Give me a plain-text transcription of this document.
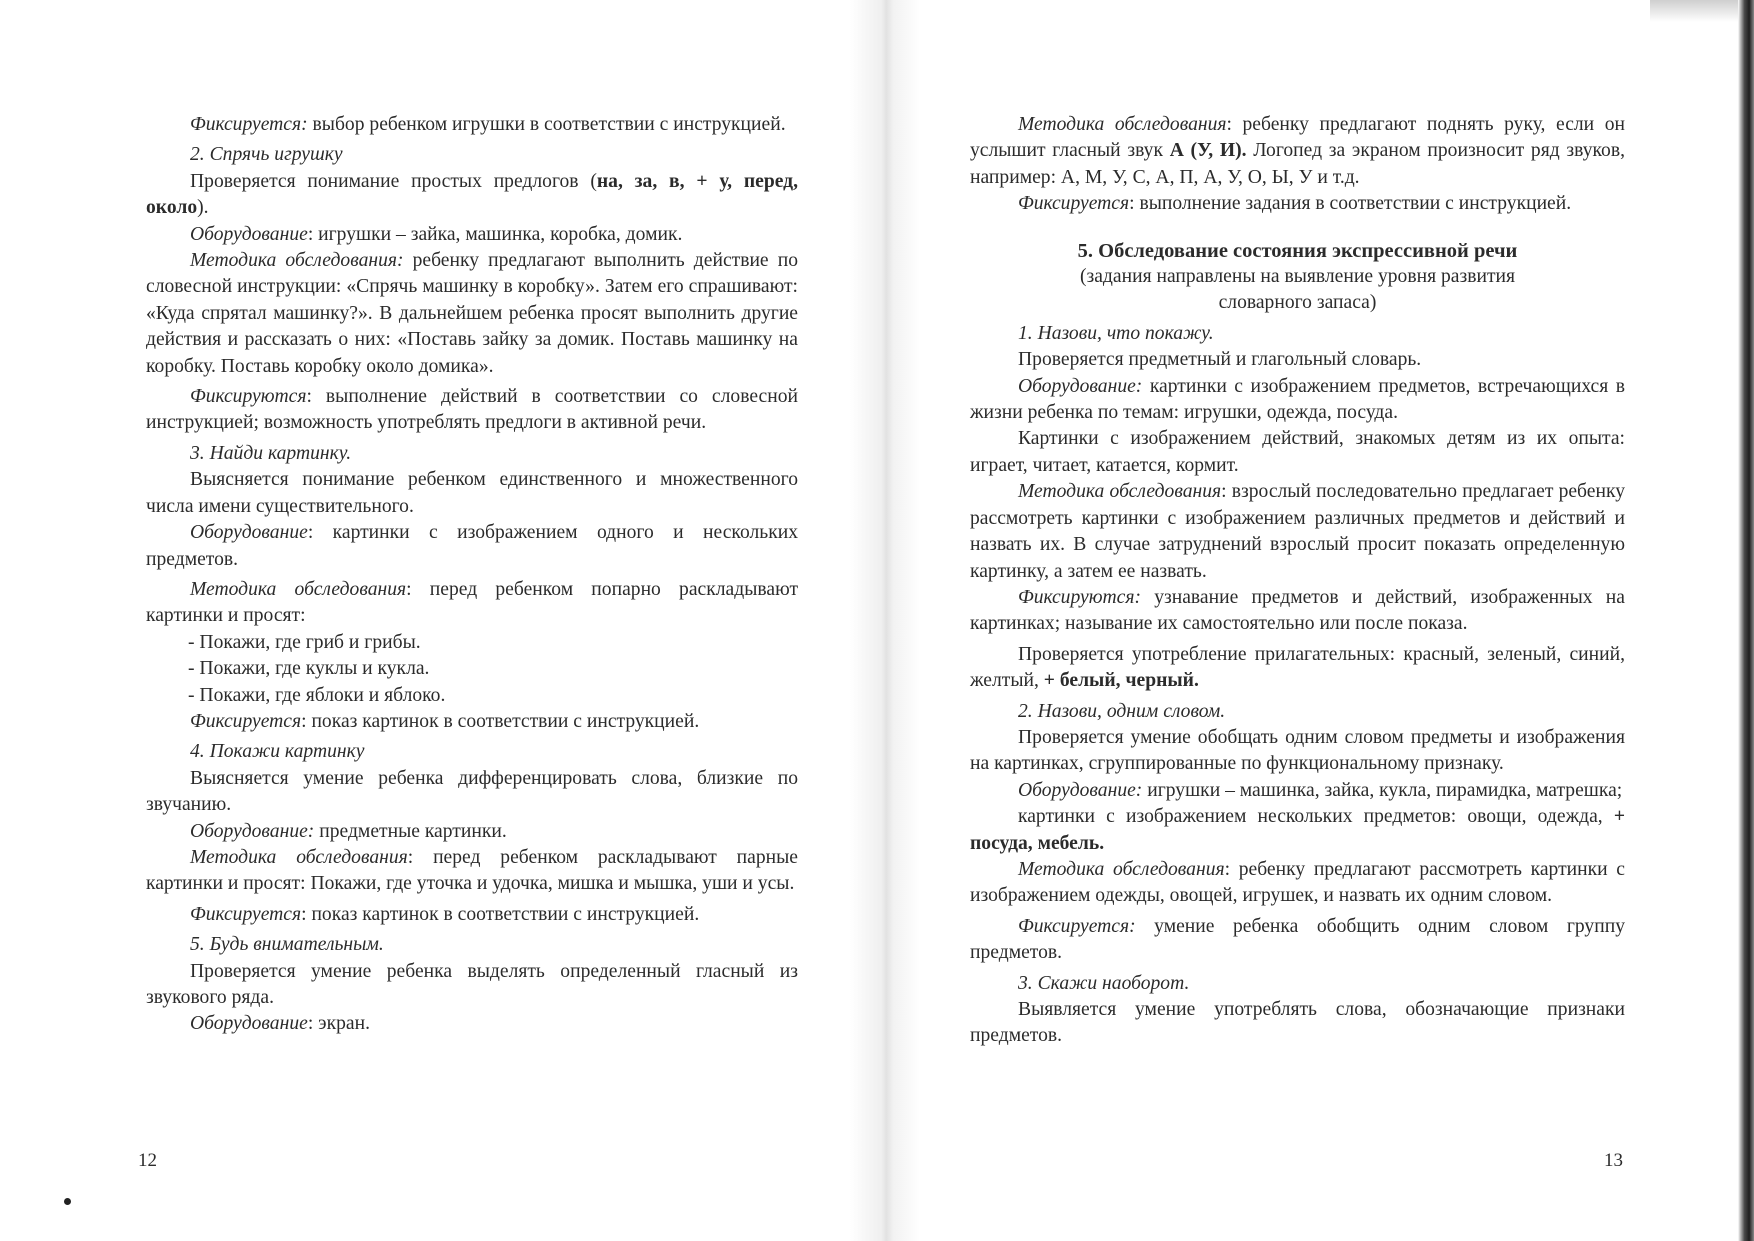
Фиксируется: выбор ребенком игрушки в соответствии с инструкцией.

2. Спрячь игрушку

Проверяется понимание простых предлогов (на, за, в, + у, перед, около).

Оборудование: игрушки – зайка, машинка, коробка, домик.

Методика обследования: ребенку предлагают выполнить действие по словесной инструкции: «Спрячь машинку в коробку». Затем его спрашивают: «Куда спрятал машинку?». В дальнейшем ребенка просят выполнить другие действия и рассказать о них: «Поставь зайку за домик. Поставь машинку на коробку. Поставь коробку около домика».

Фиксируются: выполнение действий в соответствии со словесной инструкцией; возможность употреблять предлоги в активной речи.

3. Найди картинку.

Выясняется понимание ребенком единственного и множественного числа имени существительного.

Оборудование: картинки с изображением одного и нескольких предметов.

Методика обследования: перед ребенком попарно раскладывают картинки и просят:

- Покажи, где гриб и грибы.

- Покажи, где куклы и кукла.

- Покажи, где яблоки и яблоко.

Фиксируется: показ картинок в соответствии с инструкцией.

4. Покажи картинку

Выясняется умение ребенка дифференцировать слова, близкие по звучанию.

Оборудование: предметные картинки.

Методика обследования: перед ребенком раскладывают парные картинки и просят: Покажи, где уточка и удочка, мишка и мышка, уши и усы.

Фиксируется: показ картинок в соответствии с инструкцией.

5. Будь внимательным.

Проверяется умение ребенка выделять определенный гласный из звукового ряда.

Оборудование: экран.

12

Методика обследования: ребенку предлагают поднять руку, если он услышит гласный звук А (У, И). Логопед за экраном произносит ряд звуков, например: А, М, У, С, А, П, А, У, О, Ы, У и т.д.

Фиксируется: выполнение задания в соответствии с инструкцией.

5. Обследование состояния экспрессивной речи

(задания направлены на выявление уровня развития

словарного запаса)

1. Назови, что покажу.

Проверяется предметный и глагольный словарь.

Оборудование: картинки с изображением предметов, встречающихся в жизни ребенка по темам: игрушки, одежда, посуда.

Картинки с изображением действий, знакомых детям из их опыта: играет, читает, катается, кормит.

Методика обследования: взрослый последовательно предлагает ребенку рассмотреть картинки с изображением различных предметов и действий и назвать их. В случае затруднений взрослый просит показать определенную картинку, а затем ее назвать.

Фиксируются: узнавание предметов и действий, изображенных на картинках; называние их самостоятельно или после показа.

Проверяется употребление прилагательных: красный, зеленый, синий, желтый, + белый, черный.

2. Назови, одним словом.

Проверяется умение обобщать одним словом предметы и изображения на картинках, сгруппированные по функциональному признаку.

Оборудование: игрушки – машинка, зайка, кукла, пирамидка, матрешка;

картинки с изображением нескольких предметов: овощи, одежда, + посуда, мебель.

Методика обследования: ребенку предлагают рассмотреть картинки с изображением одежды, овощей, игрушек, и назвать их одним словом.

Фиксируется: умение ребенка обобщить одним словом группу предметов.

3. Скажи наоборот.

Выявляется умение употреблять слова, обозначающие признаки предметов.

13
